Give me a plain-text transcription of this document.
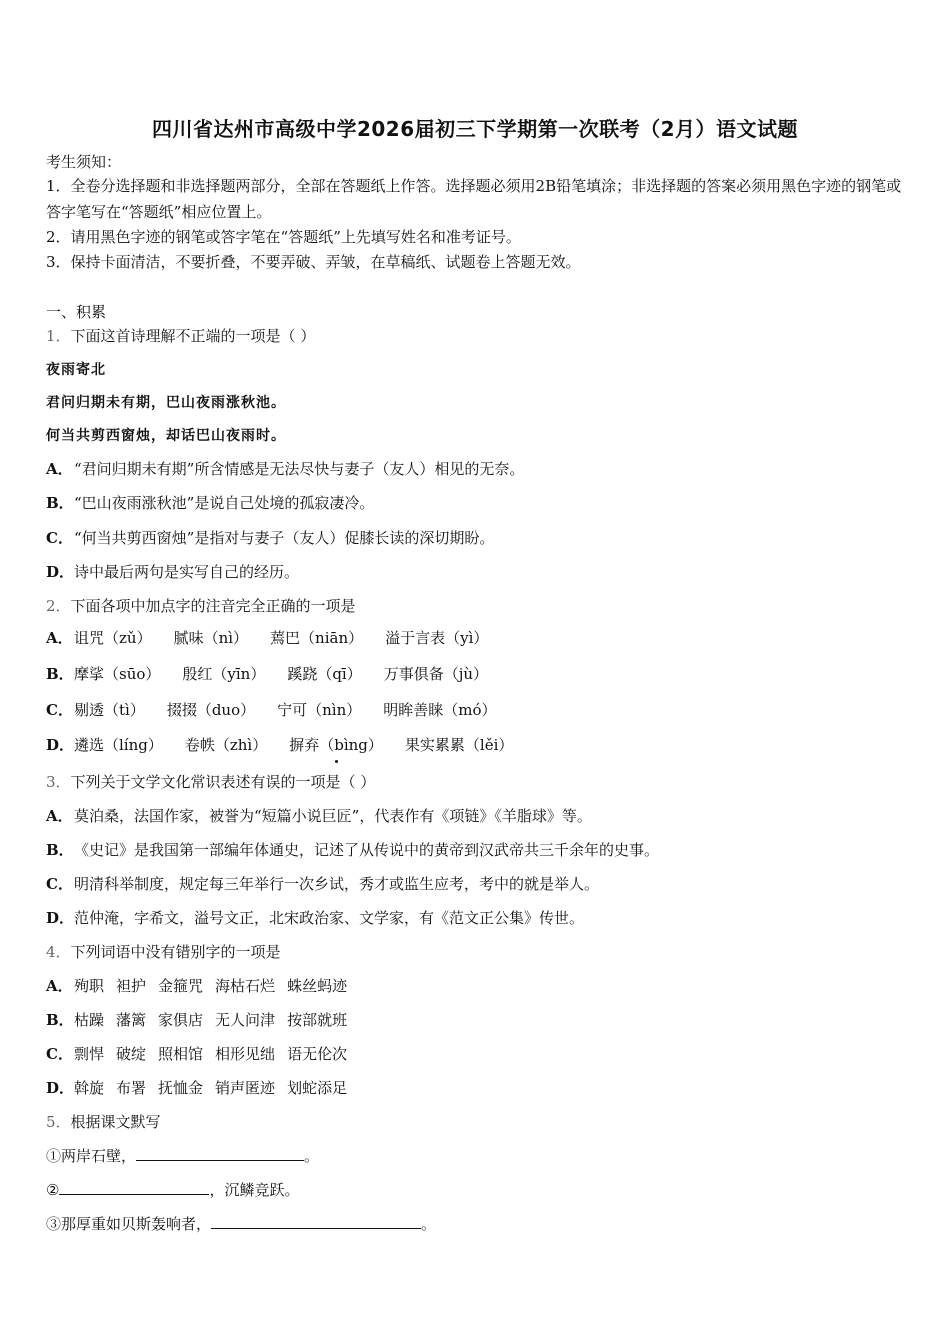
四川省达州市高级中学2026届初三下学期第一次联考（2月）语文试题
考生须知：
1．全卷分选择题和非选择题两部分，全部在答题纸上作答。选择题必须用2B铅笔填涂；非选择题的答案必须用黑色字迹的钢笔或答字笔写在“答题纸”相应位置上。
2．请用黑色字迹的钢笔或答字笔在“答题纸”上先填写姓名和准考证号。
3．保持卡面清洁，不要折叠，不要弄破、弄皱，在草稿纸、试题卷上答题无效。
一、积累
1．下面这首诗理解不正端的一项是（ ）
夜雨寄北
君问归期未有期，巴山夜雨涨秋池。
何当共剪西窗烛，却话巴山夜雨时。
A．“君问归期未有期”所含情感是无法尽快与妻子（友人）相见的无奈。
B．“巴山夜雨涨秋池”是说自己处境的孤寂凄冷。
C．“何当共剪西窗烛”是指对与妻子（友人）促膝长读的深切期盼。
D．诗中最后两句是实写自己的经历。
2．下面各项中加点字的注音完全正确的一项是
A．诅咒（zǔ） 腻味（nì） 蔫巴（niān） 溢于言表（yì）
B．摩挲（sūo） 殷红（yīn） 蹊跷（qī） 万事俱备（jù）
C．剔透（tì） 掇掇（duo） 宁可（nìn） 明眸善睐（mó）
D．遴选（líng） 卷帙（zhì） 摒弃（bìng） 果实累累（lěi）
3．下列关于文学文化常识表述有误的一项是（ ）
A．莫泊桑，法国作家，被誉为“短篇小说巨匠”，代表作有《项链》《羊脂球》等。
B．《史记》是我国第一部编年体通史，记述了从传说中的黄帝到汉武帝共三千余年的史事。
C．明清科举制度，规定每三年举行一次乡试，秀才或监生应考，考中的就是举人。
D．范仲淹，字希文，溢号文正，北宋政治家、文学家，有《范文正公集》传世。
4．下列词语中没有错别字的一项是
A．殉职 袒护 金箍咒 海枯石烂 蛛丝蚂迹
B．枯躁 藩篱 家俱店 无人问津 按部就班
C．剽悍 破绽 照相馆 相形见绌 语无伦次
D．斡旋 布署 抚恤金 销声匿迹 划蛇添足
5．根据课文默写
①两岸石壁，	。
②	，沉鳞竞跃。
③那厚重如贝斯轰响者，	。
